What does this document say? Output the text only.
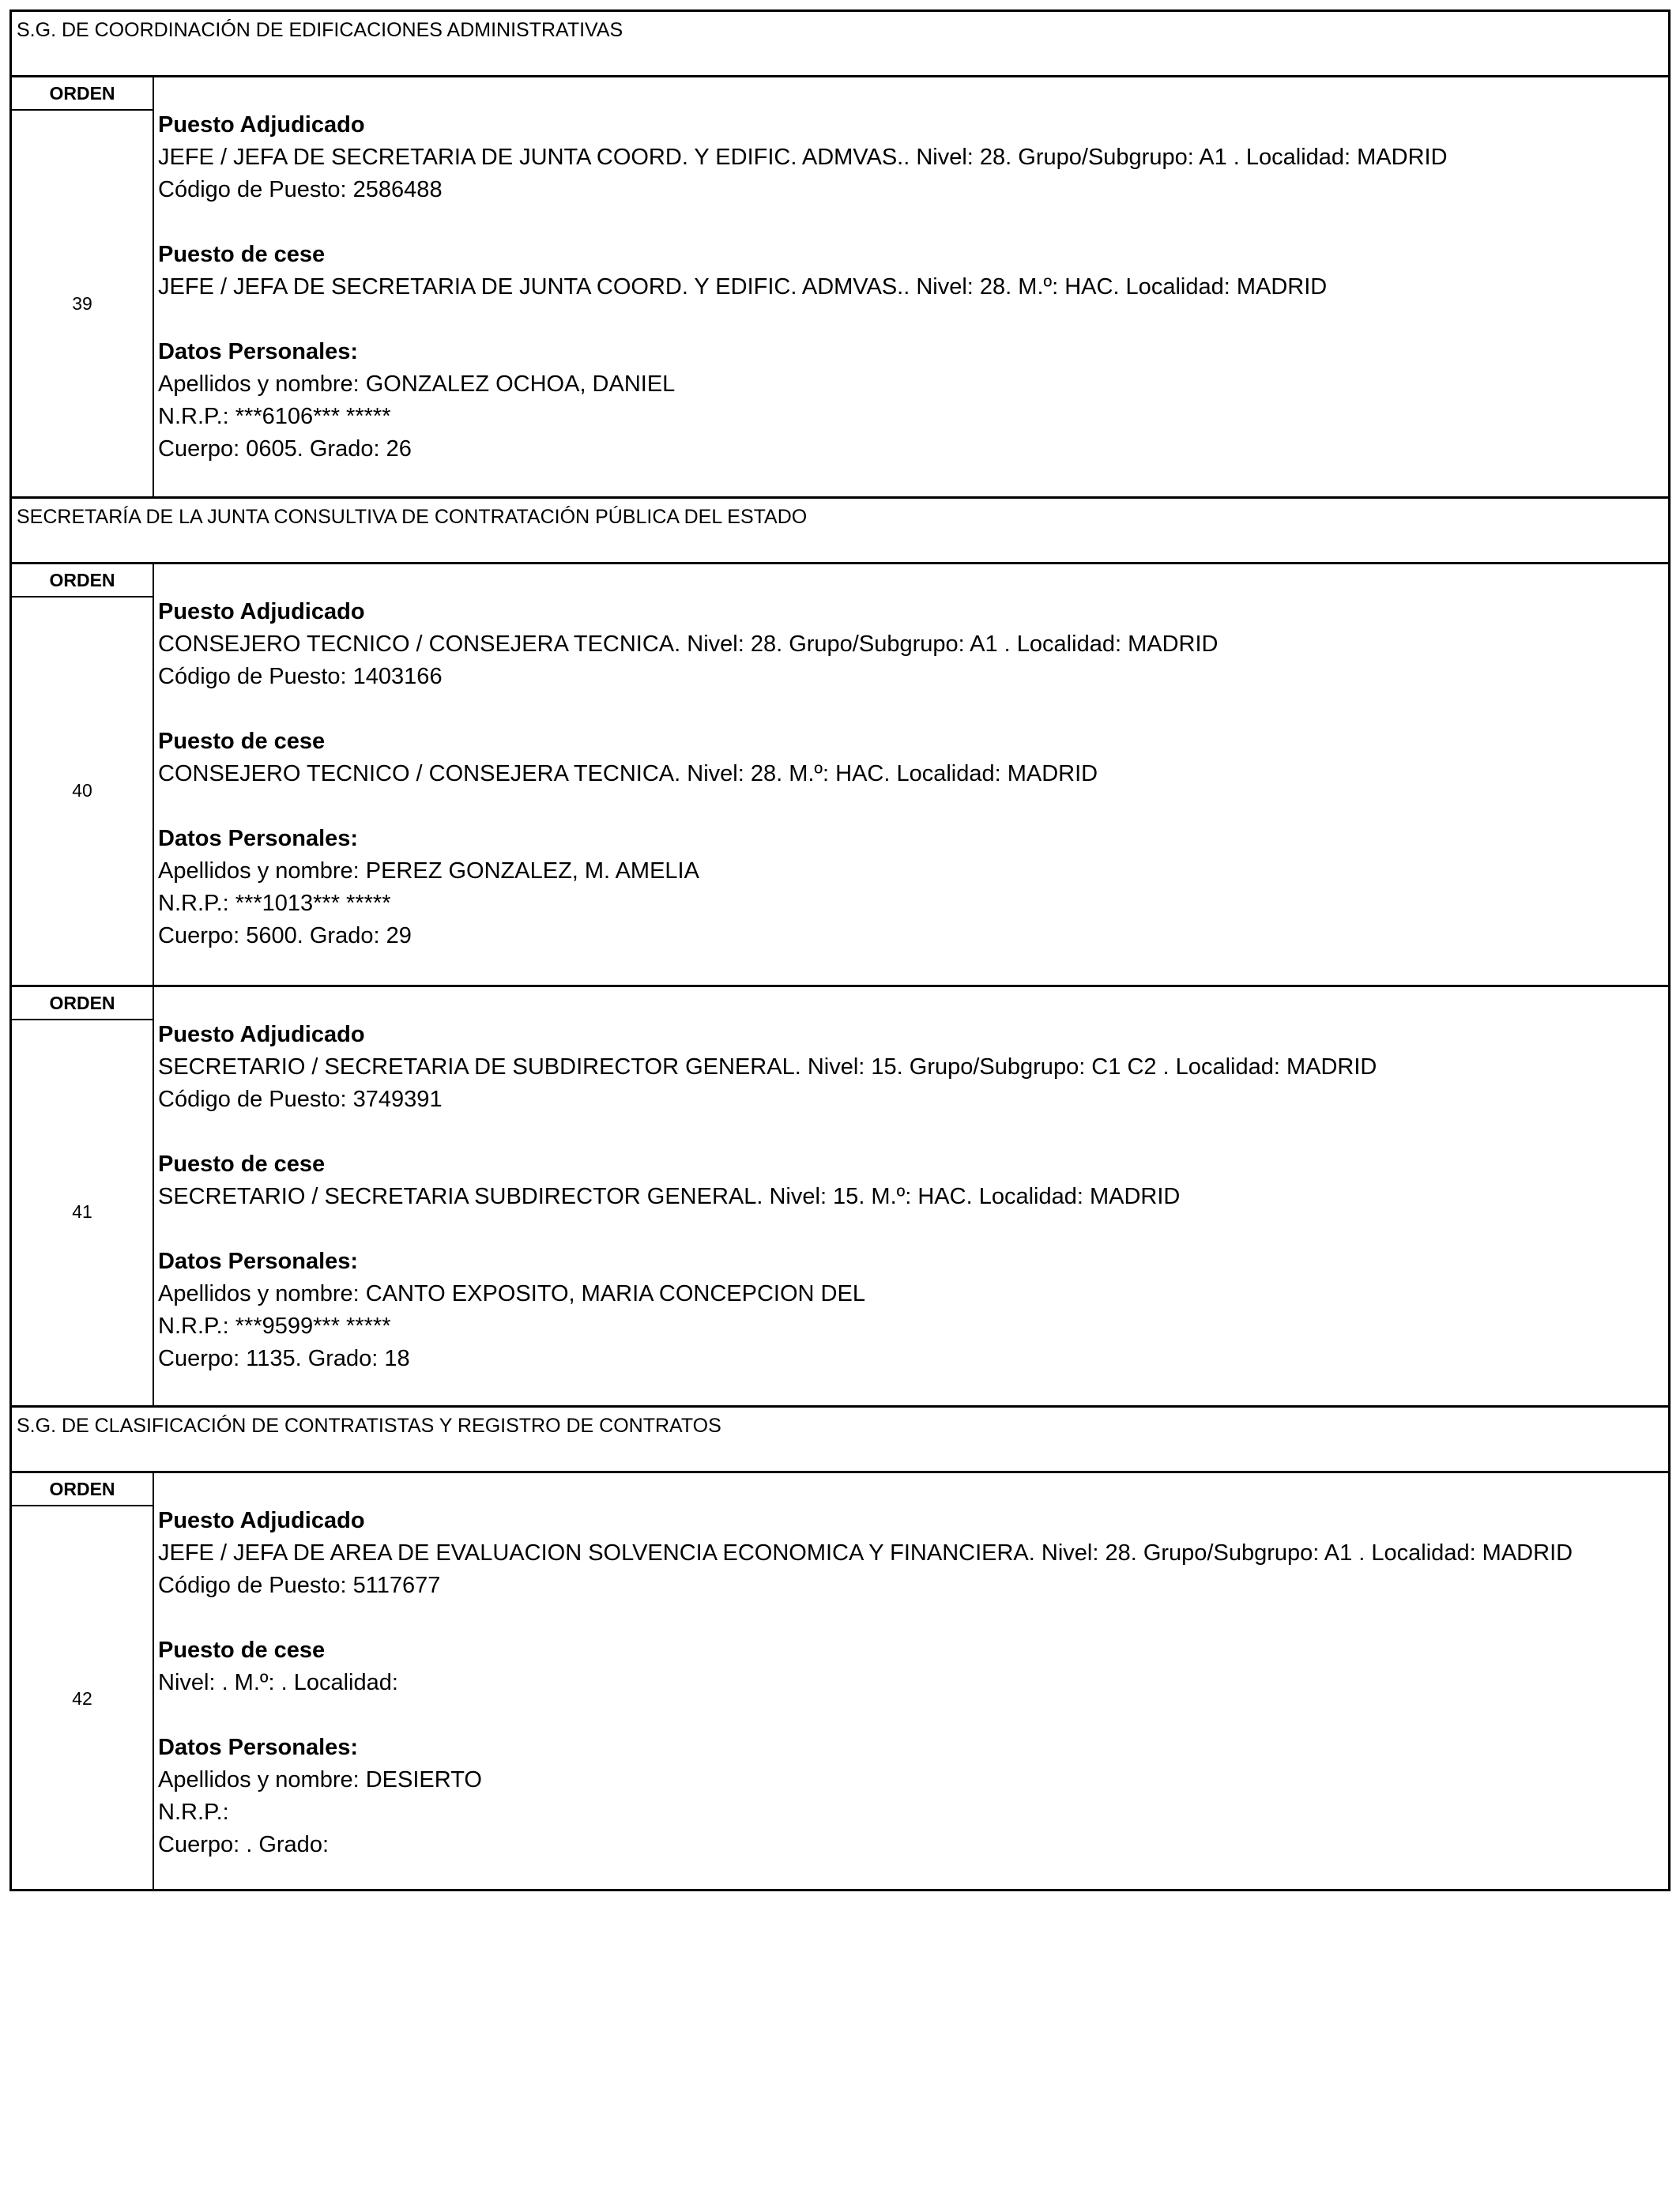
S.G. DE COORDINACIÓN DE EDIFICACIONES ADMINISTRATIVAS
ORDEN
39
Puesto Adjudicado
JEFE / JEFA DE SECRETARIA DE JUNTA COORD. Y EDIFIC. ADMVAS.. Nivel: 28. Grupo/Subgrupo: A1 . Localidad: MADRID
Código de Puesto: 2586488
Puesto de cese
JEFE / JEFA DE SECRETARIA DE JUNTA COORD. Y EDIFIC. ADMVAS.. Nivel: 28. M.º: HAC. Localidad: MADRID
Datos Personales:
Apellidos y nombre: GONZALEZ OCHOA, DANIEL
N.R.P.: ***6106*** *****
Cuerpo: 0605. Grado: 26
SECRETARÍA DE LA JUNTA CONSULTIVA DE CONTRATACIÓN PÚBLICA DEL ESTADO
ORDEN
40
Puesto Adjudicado
CONSEJERO TECNICO / CONSEJERA TECNICA. Nivel: 28. Grupo/Subgrupo: A1 . Localidad: MADRID
Código de Puesto: 1403166
Puesto de cese
CONSEJERO TECNICO / CONSEJERA TECNICA. Nivel: 28. M.º: HAC. Localidad: MADRID
Datos Personales:
Apellidos y nombre: PEREZ GONZALEZ, M. AMELIA
N.R.P.: ***1013*** *****
Cuerpo: 5600. Grado: 29
ORDEN
41
Puesto Adjudicado
SECRETARIO / SECRETARIA DE SUBDIRECTOR GENERAL. Nivel: 15. Grupo/Subgrupo: C1 C2 . Localidad: MADRID
Código de Puesto: 3749391
Puesto de cese
SECRETARIO / SECRETARIA SUBDIRECTOR GENERAL. Nivel: 15. M.º: HAC. Localidad: MADRID
Datos Personales:
Apellidos y nombre: CANTO EXPOSITO, MARIA CONCEPCION DEL
N.R.P.: ***9599*** *****
Cuerpo: 1135. Grado: 18
S.G. DE CLASIFICACIÓN DE CONTRATISTAS Y REGISTRO DE CONTRATOS
ORDEN
42
Puesto Adjudicado
JEFE / JEFA DE AREA DE EVALUACION SOLVENCIA ECONOMICA Y FINANCIERA. Nivel: 28. Grupo/Subgrupo: A1 . Localidad: MADRID
Código de Puesto: 5117677
Puesto de cese
Nivel: . M.º: . Localidad:
Datos Personales:
Apellidos y nombre: DESIERTO
N.R.P.:
Cuerpo: . Grado:
